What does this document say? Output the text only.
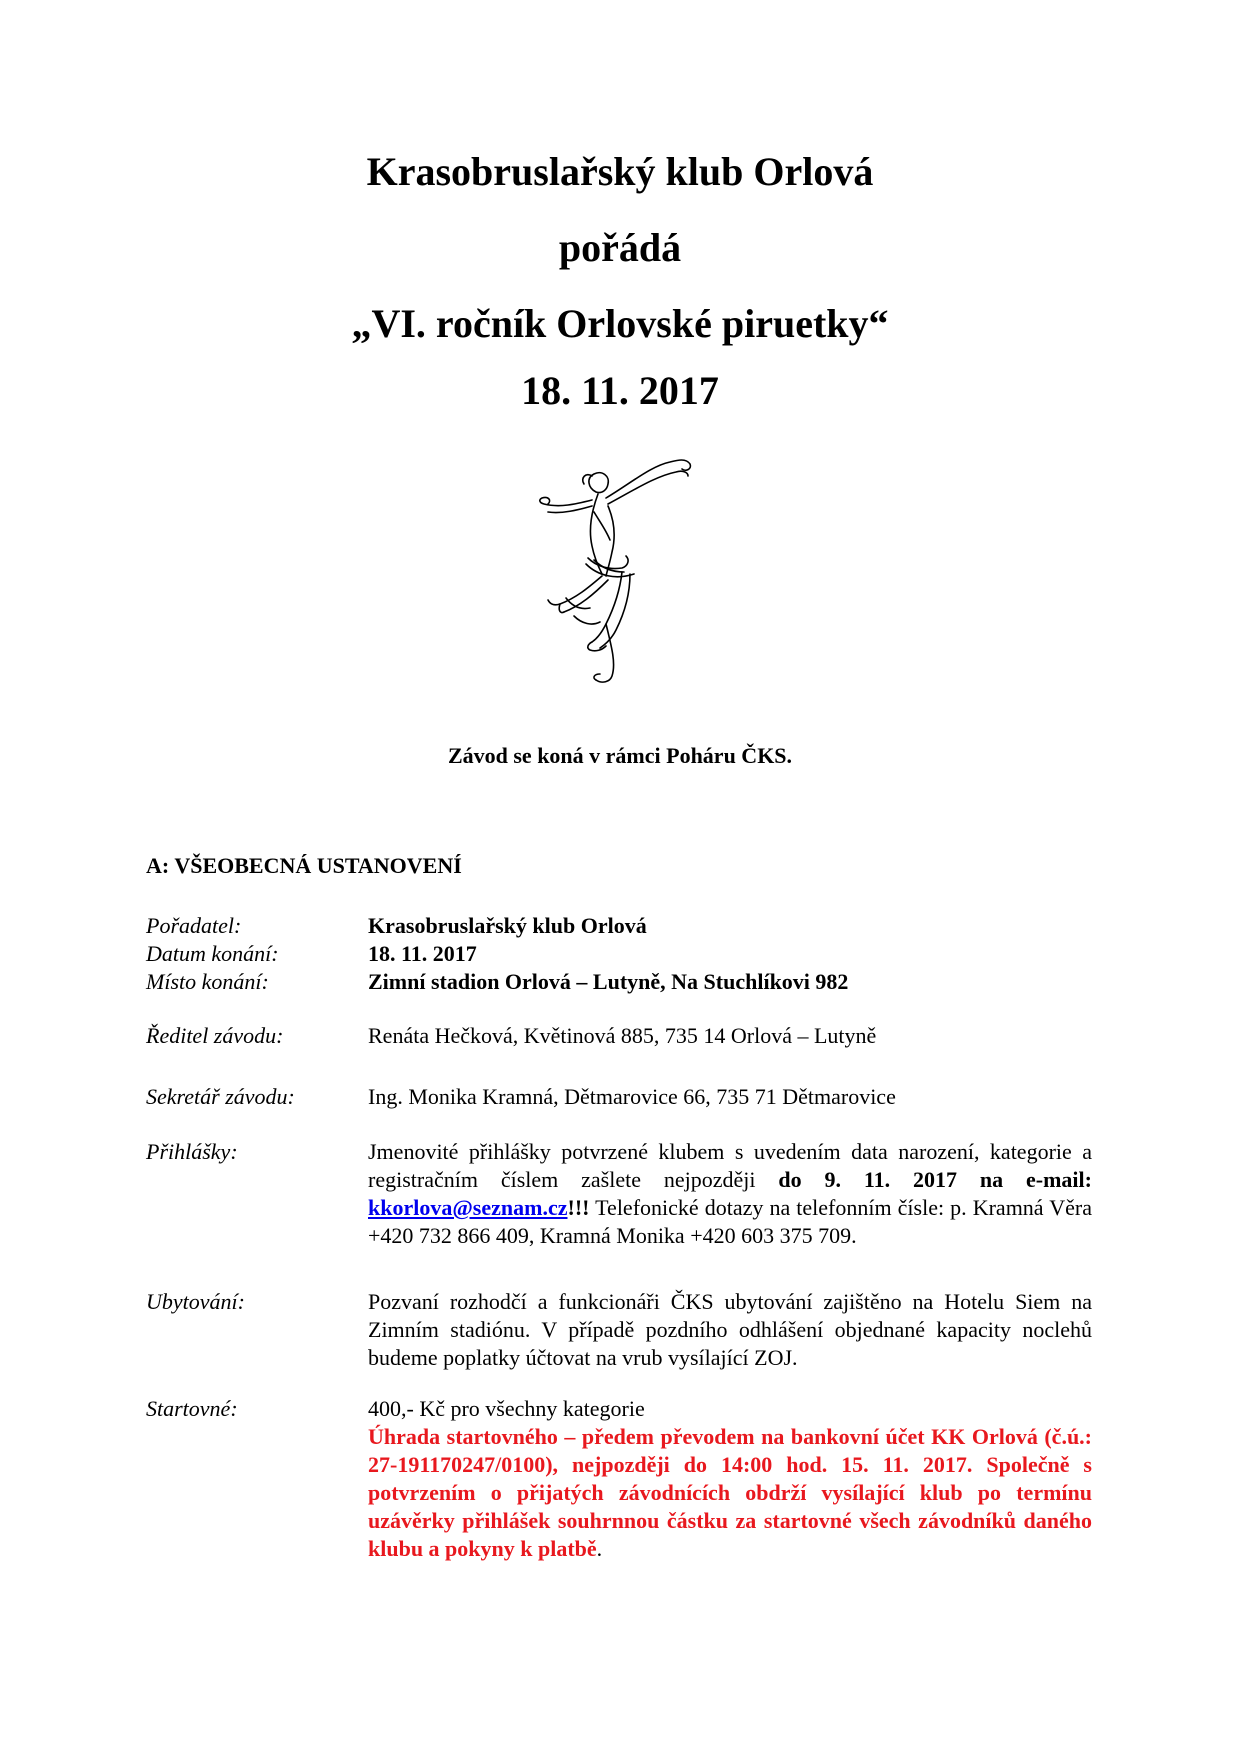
Krasobruslařský klub Orlová
pořádá
„VI. ročník Orlovské piruetky“
18. 11. 2017
Závod se koná v rámci Poháru ČKS.
A: VŠEOBECNÁ USTANOVENÍ
Pořadatel:	Krasobruslařský klub Orlová
Datum konání:	18. 11. 2017
Místo konání:	Zimní stadion Orlová – Lutyně, Na Stuchlíkovi 982
Ředitel závodu:	Renáta Hečková, Květinová 885, 735 14 Orlová – Lutyně
Sekretář závodu:	Ing. Monika Kramná, Dětmarovice 66, 735 71 Dětmarovice
Přihlášky:	Jmenovité přihlášky potvrzené klubem s uvedením data narození, kategorie a registračním číslem zašlete nejpozději do 9. 11. 2017 na e-mail: kkorlova@seznam.cz!!! Telefonické dotazy na telefonním čísle: p. Kramná Věra +420 732 866 409, Kramná Monika +420 603 375 709.
Ubytování:	Pozvaní rozhodčí a funkcionáři ČKS ubytování zajištěno na Hotelu Siem na Zimním stadiónu. V případě pozdního odhlášení objednané kapacity noclehů budeme poplatky účtovat na vrub vysílající ZOJ.
Startovné:	400,- Kč pro všechny kategorie
Úhrada startovného – předem převodem na bankovní účet KK Orlová (č.ú.: 27-191170247/0100), nejpozději do 14:00 hod. 15. 11. 2017. Společně s potvrzením o přijatých závodnících obdrží vysílající klub po termínu uzávěrky přihlášek souhrnnou částku za startovné všech závodníků daného klubu a pokyny k platbě.
